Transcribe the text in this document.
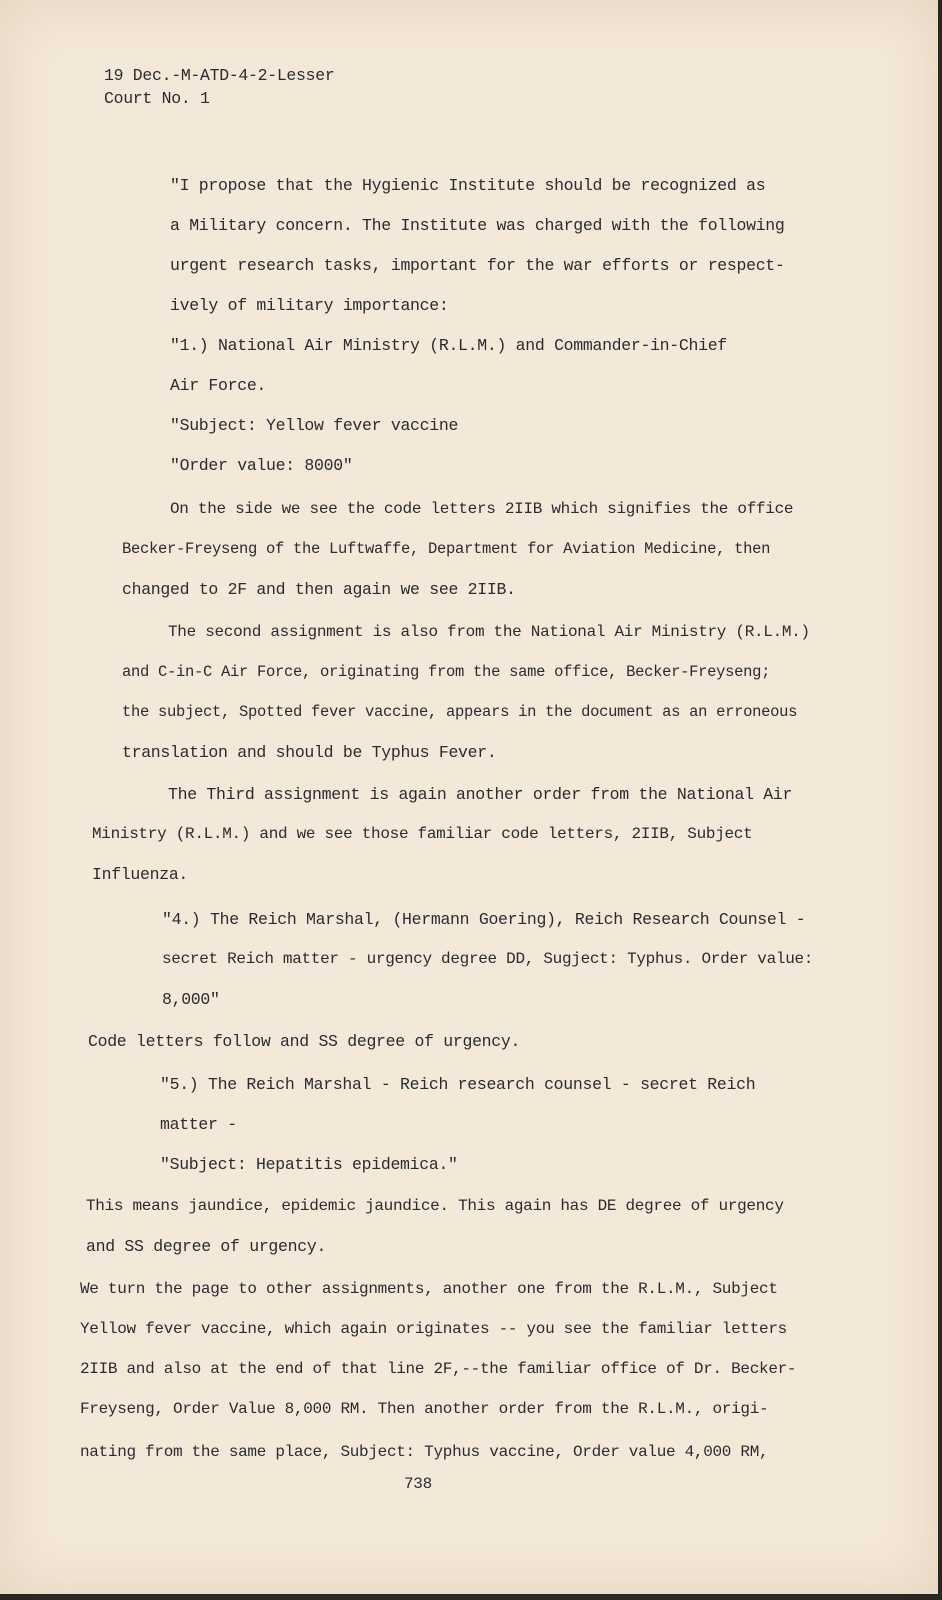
19 Dec.-M-ATD-4-2-Lesser
Court No. 1
"I propose that the Hygienic Institute should be recognized as
a Military concern. The Institute was charged with the following
urgent research tasks, important for the war efforts or respect-
ively of military importance:
"1.) National Air Ministry (R.L.M.) and Commander-in-Chief
Air Force.
"Subject: Yellow fever vaccine
"Order value: 8000"
On the side we see the code letters 2IIB which signifies the office
Becker-Freyseng of the Luftwaffe, Department for Aviation Medicine, then
changed to 2F and then again we see 2IIB.
The second assignment is also from the National Air Ministry (R.L.M.)
and C-in-C Air Force, originating from the same office, Becker-Freyseng;
the subject, Spotted fever vaccine, appears in the document as an erroneous
translation and should be Typhus Fever.
The Third assignment is again another order from the National Air
Ministry (R.L.M.) and we see those familiar code letters, 2IIB, Subject
Influenza.
"4.) The Reich Marshal, (Hermann Goering), Reich Research Counsel -
secret Reich matter - urgency degree DD, Sugject: Typhus. Order value:
8,000"
Code letters follow and SS degree of urgency.
"5.) The Reich Marshal - Reich research counsel - secret Reich
matter -
"Subject: Hepatitis epidemica."
This means jaundice, epidemic jaundice. This again has DE degree of urgency
and SS degree of urgency.
We turn the page to other assignments, another one from the R.L.M., Subject
Yellow fever vaccine, which again originates -- you see the familiar letters
2IIB and also at the end of that line 2F,--the familiar office of Dr. Becker-
Freyseng, Order Value 8,000 RM. Then another order from the R.L.M., origi-
nating from the same place, Subject: Typhus vaccine, Order value 4,000 RM,
738
